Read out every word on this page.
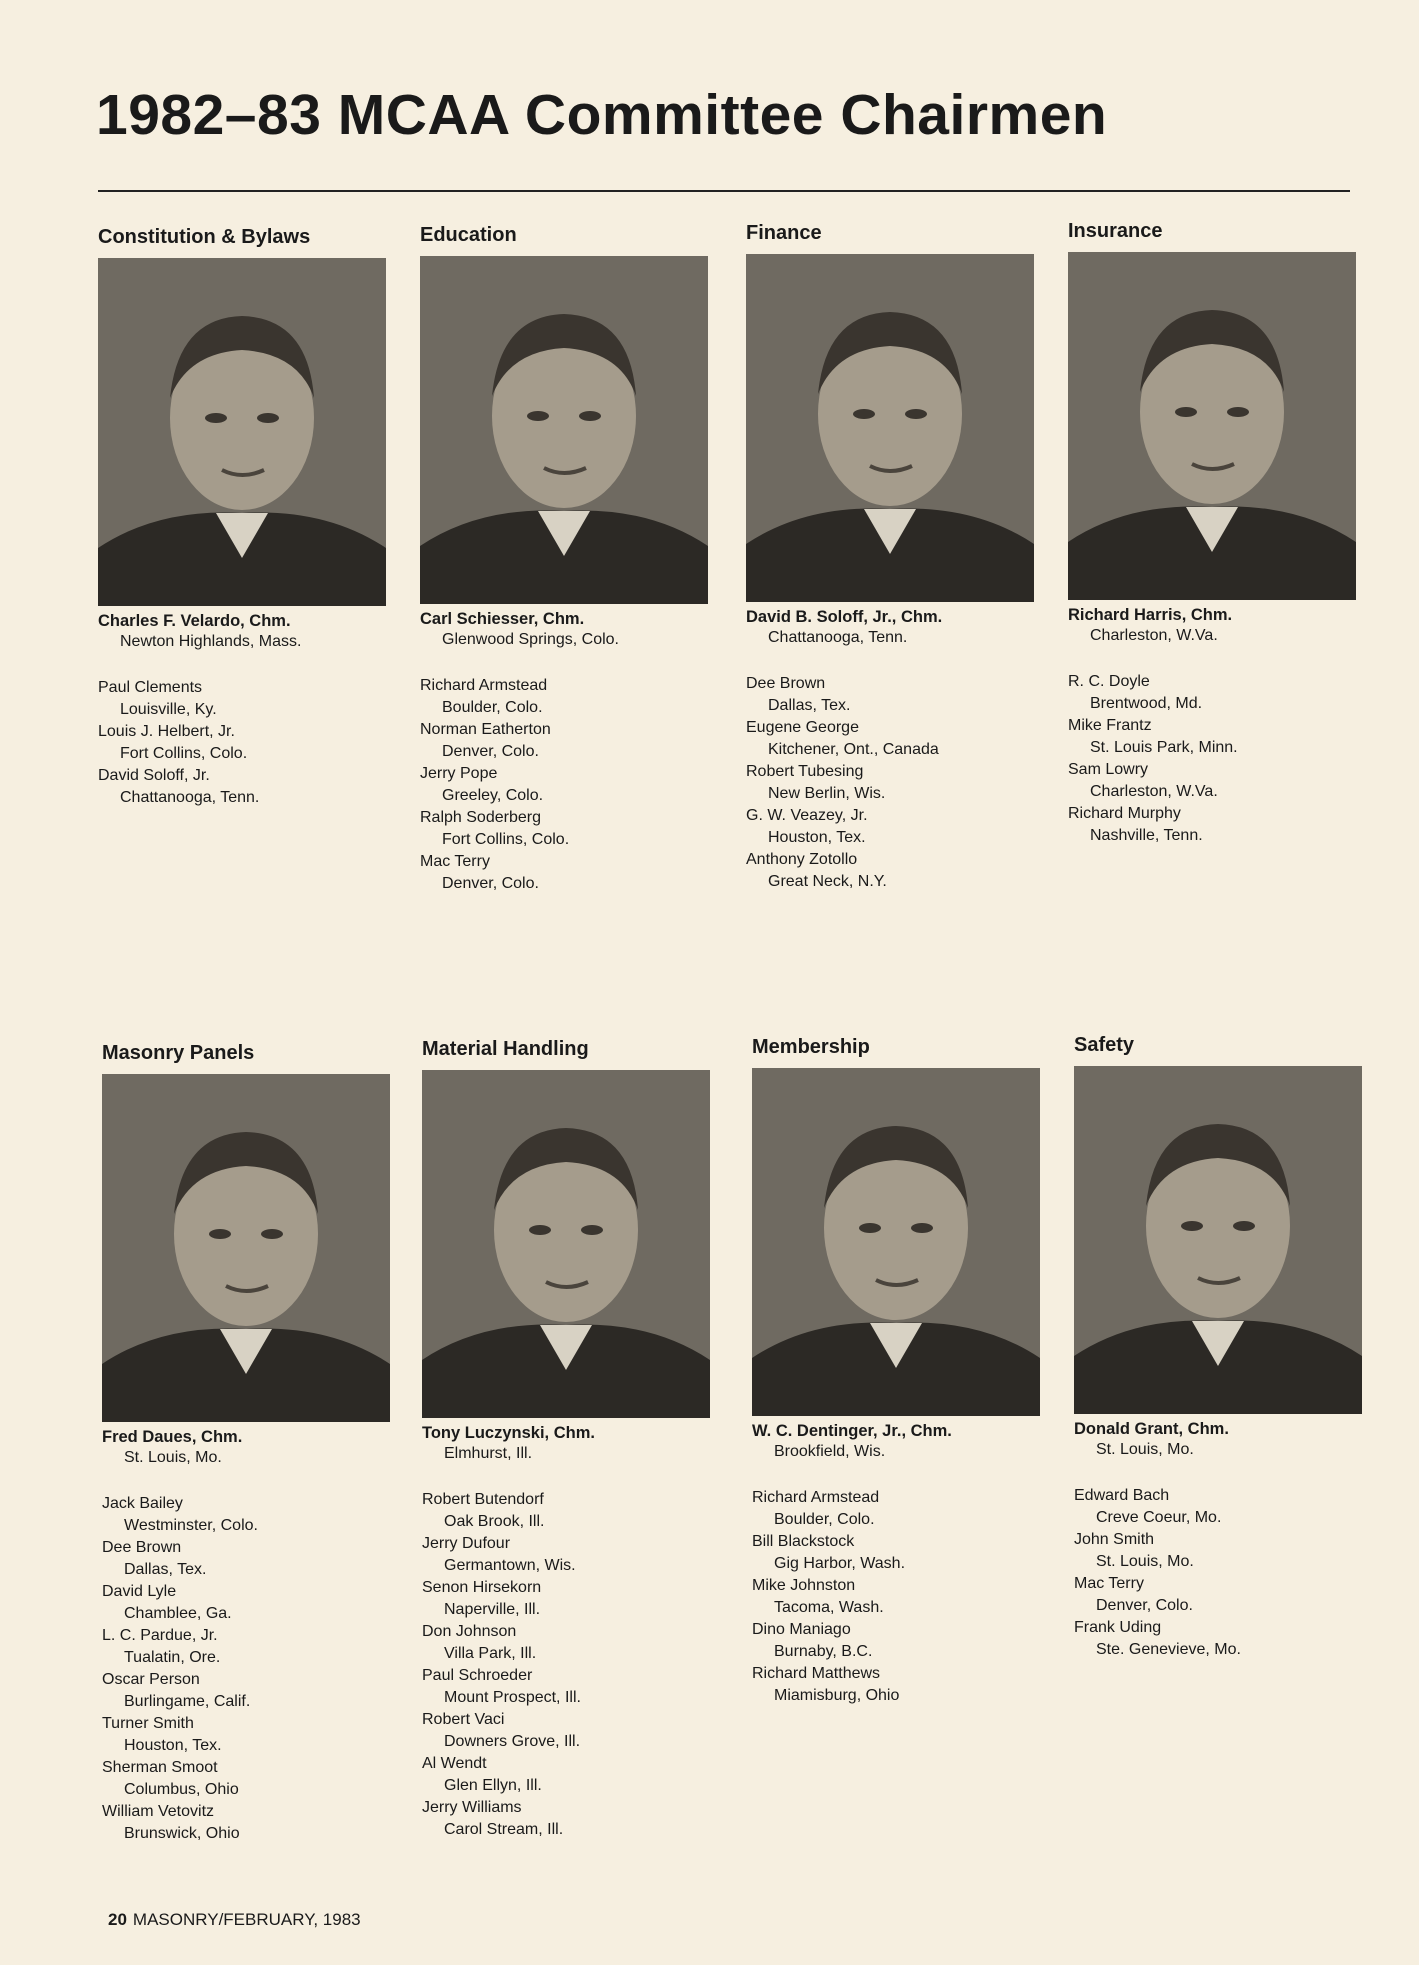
1982–83 MCAA Committee Chairmen
Constitution & Bylaws
Charles F. Velardo, Chm.
Newton Highlands, Mass.
Paul Clements
Louisville, Ky.
Louis J. Helbert, Jr.
Fort Collins, Colo.
David Soloff, Jr.
Chattanooga, Tenn.
Education
Carl Schiesser, Chm.
Glenwood Springs, Colo.
Richard Armstead
Boulder, Colo.
Norman Eatherton
Denver, Colo.
Jerry Pope
Greeley, Colo.
Ralph Soderberg
Fort Collins, Colo.
Mac Terry
Denver, Colo.
Finance
David B. Soloff, Jr., Chm.
Chattanooga, Tenn.
Dee Brown
Dallas, Tex.
Eugene George
Kitchener, Ont., Canada
Robert Tubesing
New Berlin, Wis.
G. W. Veazey, Jr.
Houston, Tex.
Anthony Zotollo
Great Neck, N.Y.
Insurance
Richard Harris, Chm.
Charleston, W.Va.
R. C. Doyle
Brentwood, Md.
Mike Frantz
St. Louis Park, Minn.
Sam Lowry
Charleston, W.Va.
Richard Murphy
Nashville, Tenn.
Masonry Panels
Fred Daues, Chm.
St. Louis, Mo.
Jack Bailey
Westminster, Colo.
Dee Brown
Dallas, Tex.
David Lyle
Chamblee, Ga.
L. C. Pardue, Jr.
Tualatin, Ore.
Oscar Person
Burlingame, Calif.
Turner Smith
Houston, Tex.
Sherman Smoot
Columbus, Ohio
William Vetovitz
Brunswick, Ohio
Material Handling
Tony Luczynski, Chm.
Elmhurst, Ill.
Robert Butendorf
Oak Brook, Ill.
Jerry Dufour
Germantown, Wis.
Senon Hirsekorn
Naperville, Ill.
Don Johnson
Villa Park, Ill.
Paul Schroeder
Mount Prospect, Ill.
Robert Vaci
Downers Grove, Ill.
Al Wendt
Glen Ellyn, Ill.
Jerry Williams
Carol Stream, Ill.
Membership
W. C. Dentinger, Jr., Chm.
Brookfield, Wis.
Richard Armstead
Boulder, Colo.
Bill Blackstock
Gig Harbor, Wash.
Mike Johnston
Tacoma, Wash.
Dino Maniago
Burnaby, B.C.
Richard Matthews
Miamisburg, Ohio
Safety
Donald Grant, Chm.
St. Louis, Mo.
Edward Bach
Creve Coeur, Mo.
John Smith
St. Louis, Mo.
Mac Terry
Denver, Colo.
Frank Uding
Ste. Genevieve, Mo.
20 MASONRY/FEBRUARY, 1983
